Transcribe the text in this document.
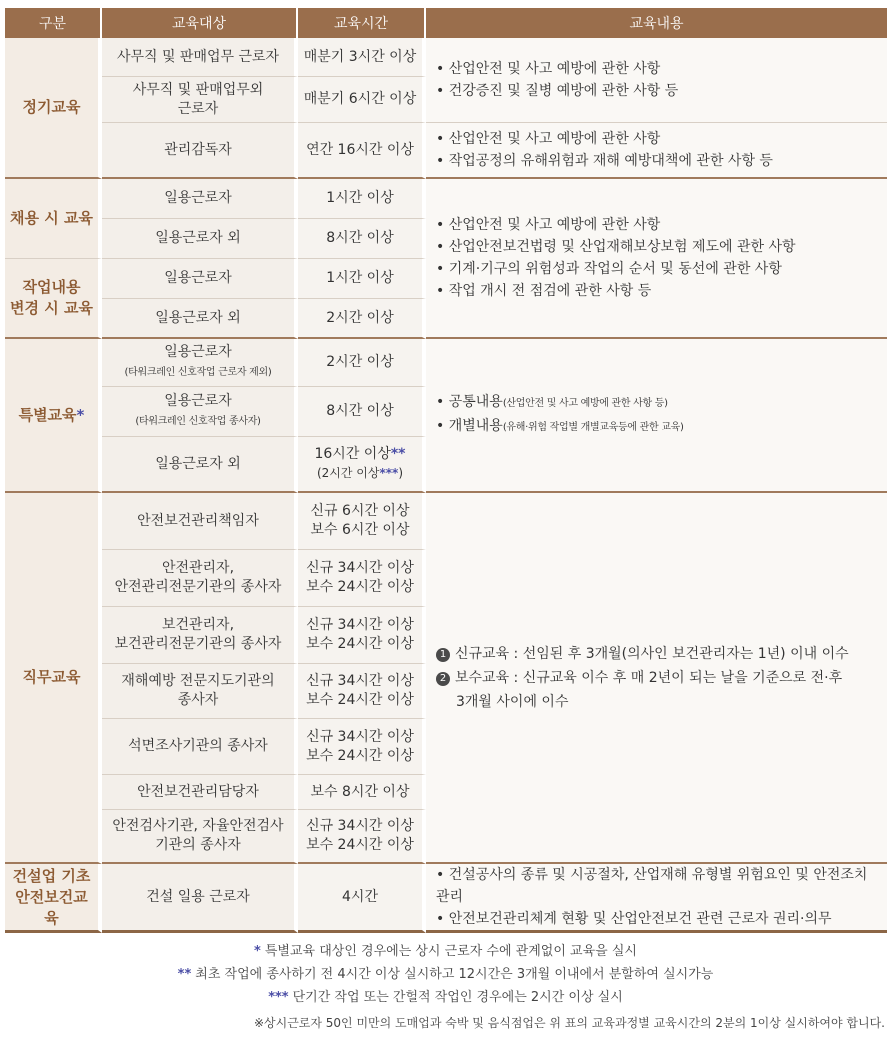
구분	교육대상	교육시간	교육내용
정기교육	사무직 및 판매업무 근로자	매분기 3시간 이상	• 산업안전 및 사고 예방에 관한 사항
• 건강증진 및 질병 예방에 관한 사항 등

	사무직 및 판매업무외
근로자	매분기 6시간 이상	
	관리감독자	연간 16시간 이상	• 산업안전 및 사고 예방에 관한 사항
• 작업공정의 유해위험과 재해 예방대책에 관한 사항 등

채용 시 교육	일용근로자	1시간 이상	• 산업안전 및 사고 예방에 관한 사항
• 산업안전보건법령 및 산업재해보상보험 제도에 관한 사항
• 기계·기구의 위험성과 작업의 순서 및 동선에 관한 사항
• 작업 개시 전 점검에 관한 사항 등

	일용근로자 외	8시간 이상	
작업내용
변경 시 교육	일용근로자	1시간 이상	
	일용근로자 외	2시간 이상	
특별교육*	일용근로자
(타워크레인 신호작업 근로자 제외)	2시간 이상	• 공통내용(산업안전 및 사고 예방에 관한 사항 등)
• 개별내용(유해·위험 작업별 개별교육등에 관한 교육)

	일용근로자
(타워크레인 신호작업 종사자)	8시간 이상	
	일용근로자 외	16시간 이상**
(2시간 이상***)	
직무교육	안전보건관리책임자	신규 6시간 이상
보수 6시간 이상	1 신규교육 : 선임된 후 3개월(의사인 보건관리자는 1년) 이내 이수
2 보수교육 : 신규교육 이수 후 매 2년이 되는 날을 기준으로 전·후
3개월 사이에 이수

	안전관리자,
안전관리전문기관의 종사자	신규 34시간 이상
보수 24시간 이상	
	보건관리자,
보건관리전문기관의 종사자	신규 34시간 이상
보수 24시간 이상	
	재해예방 전문지도기관의
종사자	신규 34시간 이상
보수 24시간 이상	
	석면조사기관의 종사자	신규 34시간 이상
보수 24시간 이상	
	안전보건관리담당자	보수 8시간 이상	
	안전검사기관, 자율안전검사
기관의 종사자	신규 34시간 이상
보수 24시간 이상	
건설업 기초
안전보건교육	건설 일용 근로자	4시간	• 건설공사의 종류 및 시공절차, 산업재해 유형별 위험요인 및 안전조치 관리
• 안전보건관리체계 현황 및 산업안전보건 관련 근로자 권리·의무
* 특별교육 대상인 경우에는 상시 근로자 수에 관계없이 교육을 실시
** 최초 작업에 종사하기 전 4시간 이상 실시하고 12시간은 3개월 이내에서 분할하여 실시가능
*** 단기간 작업 또는 간헐적 작업인 경우에는 2시간 이상 실시
※상시근로자 50인 미만의 도매업과 숙박 및 음식점업은 위 표의 교육과정별 교육시간의 2분의 1이상 실시하여야 합니다.
